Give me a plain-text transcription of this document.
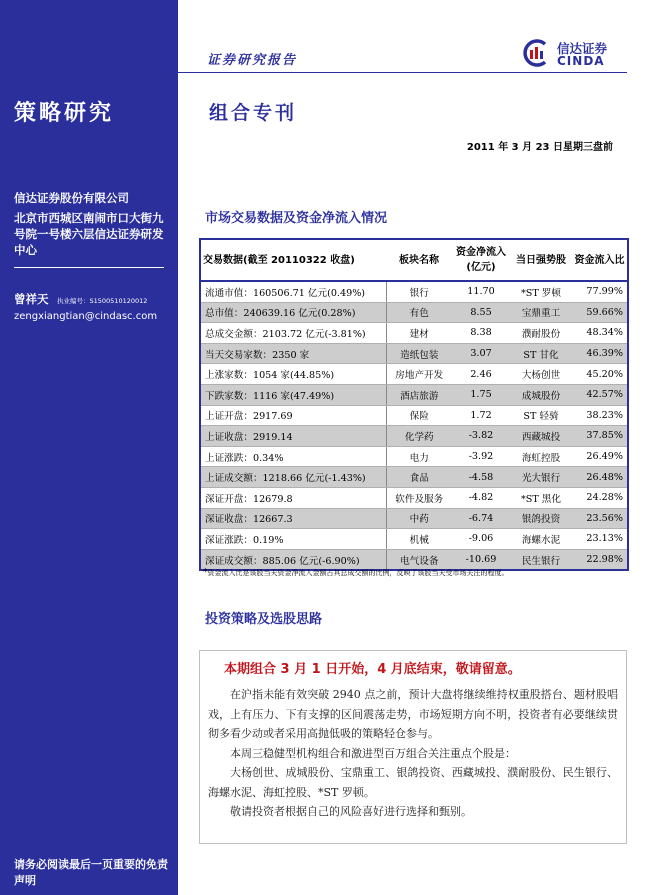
策略研究
信达证券股份有限公司
北京市西城区南闹市口大街九号院一号楼六层信达证券研发中心
曾祥天 执业编号：S1500510120012
zengxiangtian@cindasc.com
请务必阅读最后一页重要的免责声明
证券研究报告
信达证券
CINDA
组合专刊
2011 年 3 月 23 日星期三盘前
市场交易数据及资金净流入情况
交易数据(截至 20110322 收盘)	板块名称	资金净流入(亿元)	当日强势股	资金流入比
流通市值：160506.71 亿元(0.49%)	银行	11.70	*ST 罗顿	77.99%
总市值：240639.16 亿元(0.28%)	有色	8.55	宝鼎重工	59.66%
总成交金额：2103.72 亿元(-3.81%)	建材	8.38	濮耐股份	48.34%
当天交易家数：2350 家	造纸包装	3.07	ST 甘化	46.39%
上涨家数：1054 家(44.85%)	房地产开发	2.46	大杨创世	45.20%
下跌家数：1116 家(47.49%)	酒店旅游	1.75	成城股份	42.57%
上证开盘：2917.69	保险	1.72	ST 轻骑	38.23%
上证收盘：2919.14	化学药	-3.82	西藏城投	37.85%
上证涨跌：0.34%	电力	-3.92	海虹控股	26.49%
上证成交额：1218.66 亿元(-1.43%)	食品	-4.58	光大银行	26.48%
深证开盘：12679.8	软件及服务	-4.82	*ST 黑化	24.28%
深证收盘：12667.3	中药	-6.74	银鸽投资	23.56%
深证涨跌：0.19%	机械	-9.06	海螺水泥	23.13%
深证成交额：885.06 亿元(-6.90%)	电气设备	-10.69	民生银行	22.98%
*资金流入比是该股当天资金净流入金额占其总成交额的比例，反映了该股当天受市场关注的程度。
投资策略及选股思路
本期组合 3 月 1 日开始，4 月底结束，敬请留意。

在沪指未能有效突破 2940 点之前，预计大盘将继续维持权重股搭台、题材股唱戏，上有压力、下有支撑的区间震荡走势，市场短期方向不明，投资者有必要继续贯彻多看少动或者采用高抛低吸的策略轻仓参与。

本周三稳健型机构组合和激进型百万组合关注重点个股是：

大杨创世、成城股份、宝鼎重工、银鸽投资、西藏城投、濮耐股份、民生银行、海螺水泥、海虹控股、*ST 罗顿。

敬请投资者根据自己的风险喜好进行选择和甄别。
